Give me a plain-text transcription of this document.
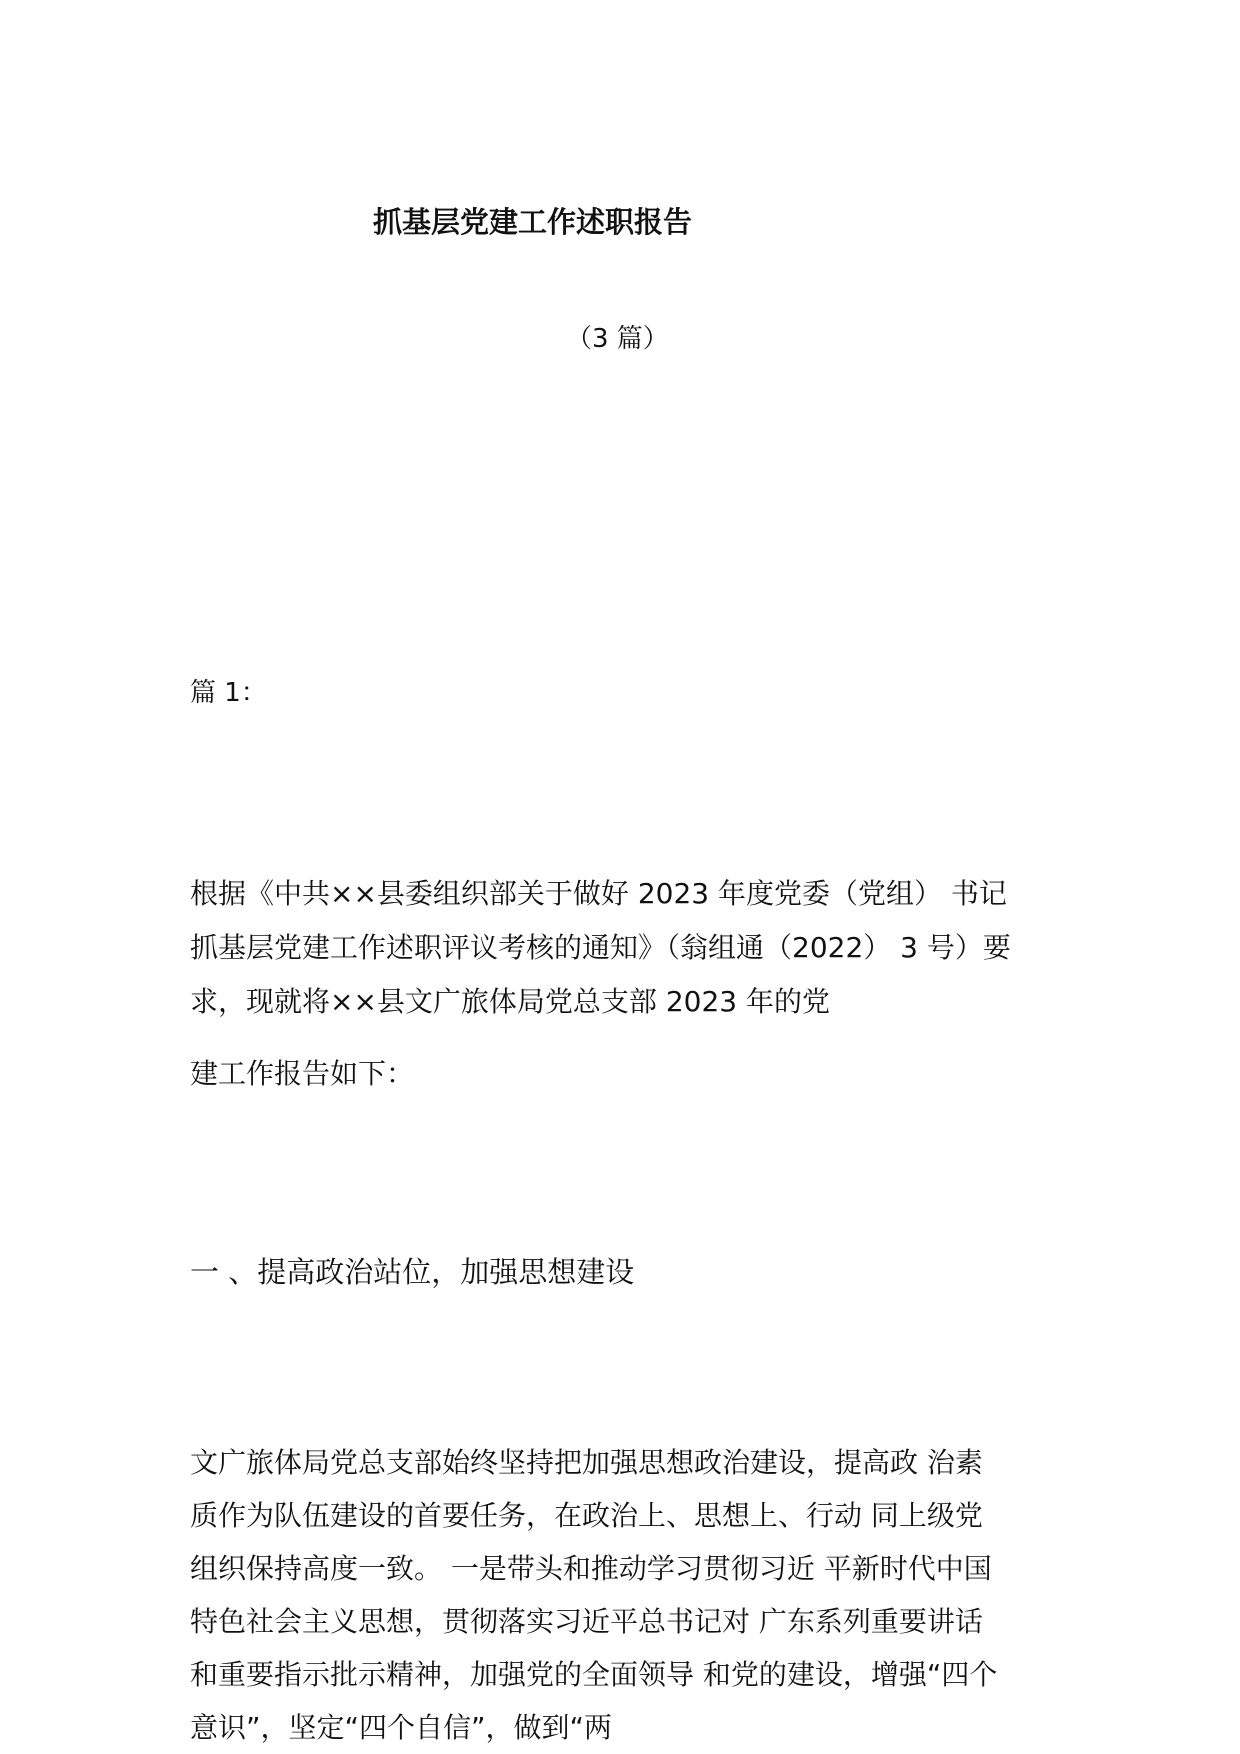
抓基层党建工作述职报告
（3 篇）
篇 1：
根据《中共××县委组织部关于做好 2023 年度党委（党组） 书记
抓基层党建工作述职评议考核的通知》（翁组通（2022） 3 号）要
求，现就将××县文广旅体局党总支部 2023 年的党
建工作报告如下：
一 、提高政治站位，加强思想建设
文广旅体局党总支部始终坚持把加强思想政治建设，提高政 治素
质作为队伍建设的首要任务，在政治上、思想上、行动 同上级党
组织保持高度一致。 一是带头和推动学习贯彻习近 平新时代中国
特色社会主义思想，贯彻落实习近平总书记对 广东系列重要讲话
和重要指示批示精神，加强党的全面领导 和党的建设，增强“四个
意识”，坚定“四个自信”，做到“两
